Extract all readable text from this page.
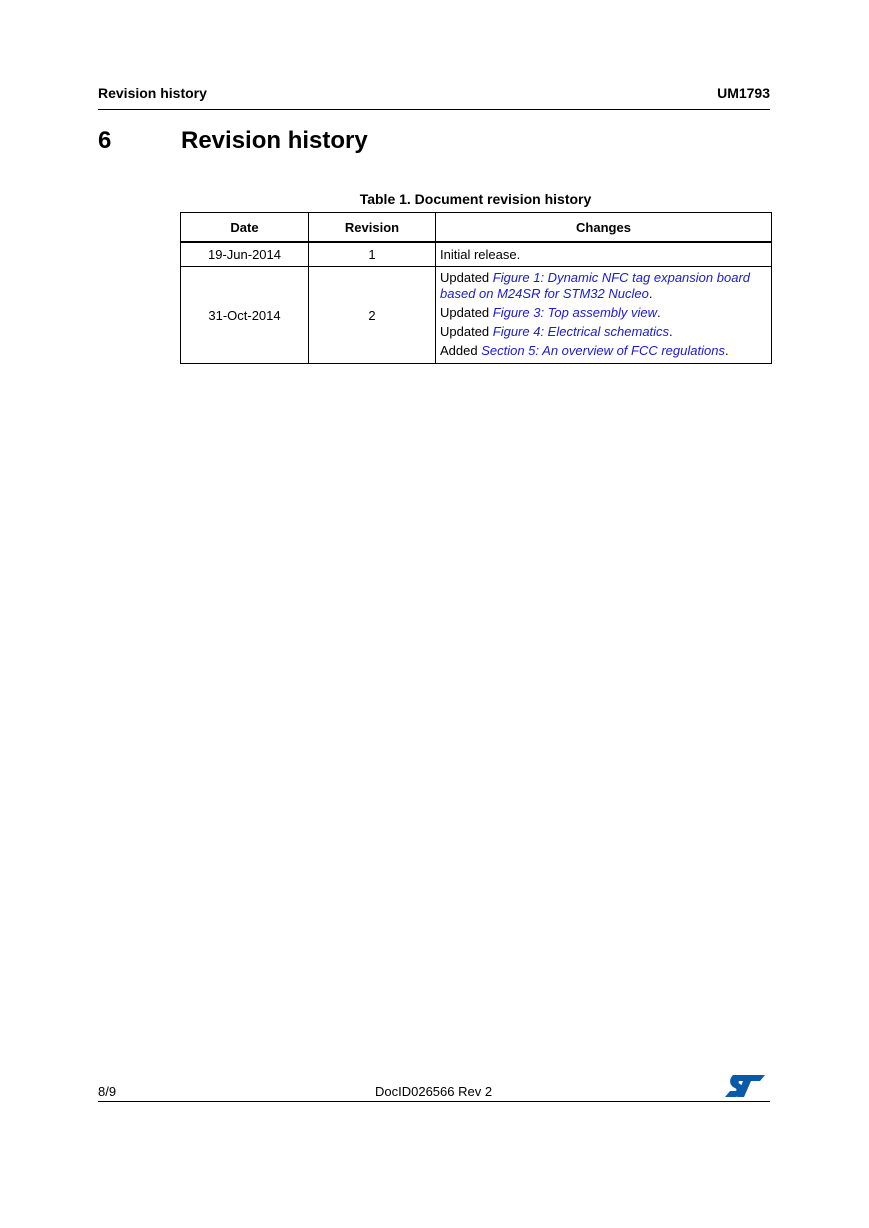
Revision history	UM1793
6	Revision history
Table 1. Document revision history
Date	Revision	Changes
19-Jun-2014	1	Initial release.

31-Oct-2014	2	Updated Figure 1: Dynamic NFC tag expansion board based on M24SR for STM32 Nucleo.
Updated Figure 3: Top assembly view.
Updated Figure 4: Electrical schematics.
Added Section 5: An overview of FCC regulations.
8/9	DocID026566 Rev 2
